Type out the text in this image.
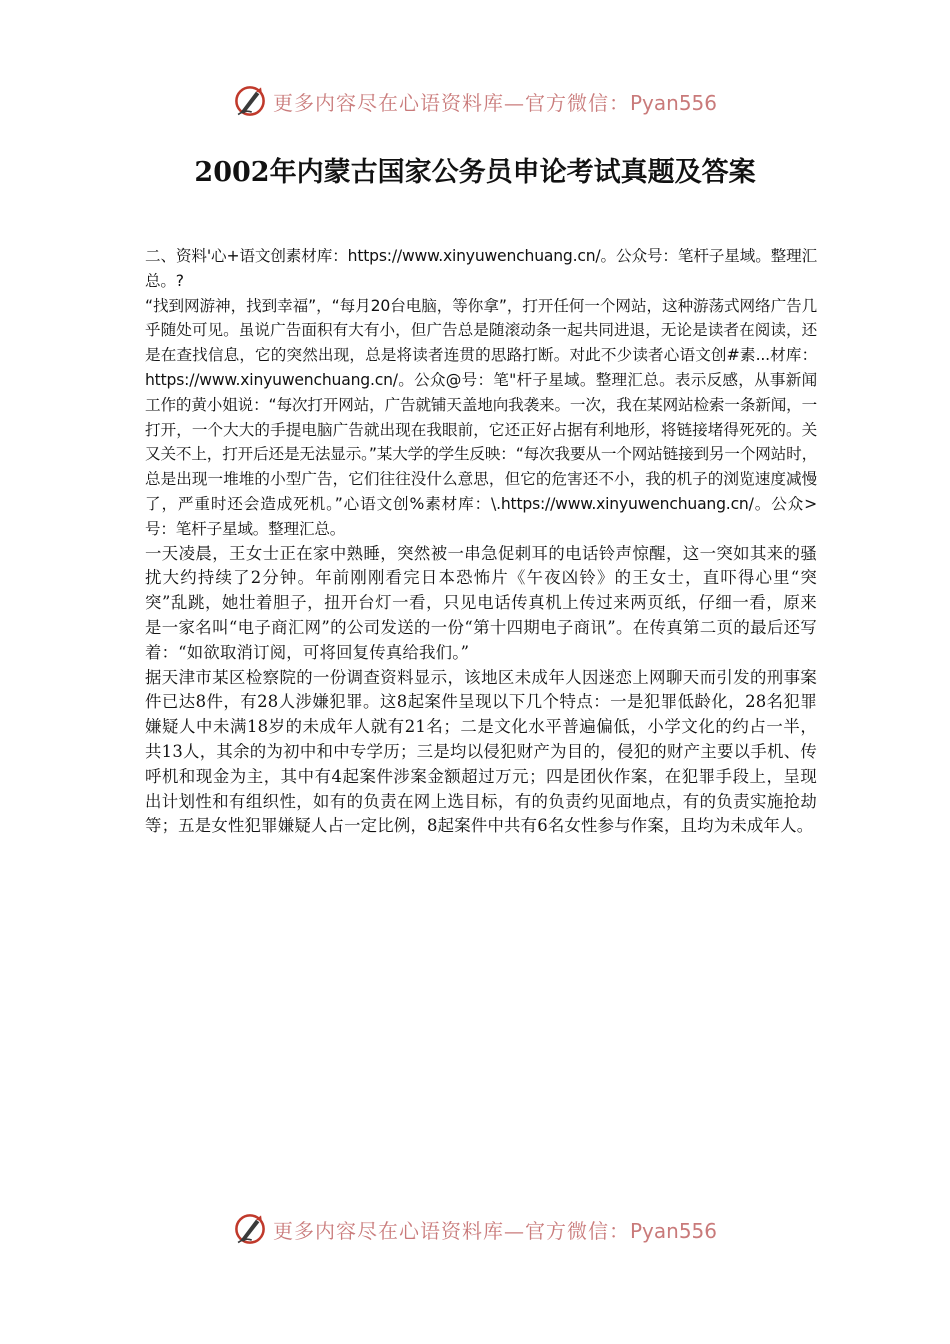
更多内容尽在心语资料库—官方微信：Pyan556
2002年内蒙古国家公务员申论考试真题及答案

二、资料'心+语文创素材库：https://www.xinyuwenchuang.cn/。公众号：笔杆子星域。整理汇总。?

“找到网游神，找到幸福”，“每月20台电脑，等你拿”，打开任何一个网站，这种游荡式网络广告几乎随处可见。虽说广告面积有大有小，但广告总是随滚动条一起共同进退，无论是读者在阅读，还是在查找信息，它的突然出现，总是将读者连贯的思路打断。对此不少读者心语文创#素...材库：https://www.xinyuwenchuang.cn/。公众@号：笔"杆子星域。整理汇总。表示反感，从事新闻工作的黄小姐说：“每次打开网站，广告就铺天盖地向我袭来。一次，我在某网站检索一条新闻，一打开，一个大大的手提电脑广告就出现在我眼前，它还正好占据有利地形，将链接堵得死死的。关又关不上，打开后还是无法显示。”某大学的学生反映：“每次我要从一个网站链接到另一个网站时，总是出现一堆堆的小型广告，它们往往没什么意思，但它的危害还不小，我的机子的浏览速度减慢了，严重时还会造成死机。”心语文创%素材库：\.https://www.xinyuwenchuang.cn/。公众>号：笔杆子星域。整理汇总。

一天凌晨，王女士正在家中熟睡，突然被一串急促刺耳的电话铃声惊醒，这一突如其来的骚扰大约持续了2分钟。年前刚刚看完日本恐怖片《午夜凶铃》的王女士，直吓得心里“突突”乱跳，她壮着胆子，扭开台灯一看，只见电话传真机上传过来两页纸，仔细一看，原来是一家名叫“电子商汇网”的公司发送的一份“第十四期电子商讯”。在传真第二页的最后还写着：“如欲取消订阅，可将回复传真给我们。”

据天津市某区检察院的一份调查资料显示，该地区未成年人因迷恋上网聊天而引发的刑事案件已达8件，有28人涉嫌犯罪。这8起案件呈现以下几个特点：一是犯罪低龄化，28名犯罪嫌疑人中未满18岁的未成年人就有21名；二是文化水平普遍偏低，小学文化的约占一半，共13人，其余的为初中和中专学历；三是均以侵犯财产为目的，侵犯的财产主要以手机、传呼机和现金为主，其中有4起案件涉案金额超过万元；四是团伙作案，在犯罪手段上，呈现出计划性和有组织性，如有的负责在网上选目标，有的负责约见面地点，有的负责实施抢劫等；五是女性犯罪嫌疑人占一定比例，8起案件中共有6名女性参与作案，且均为未成年人。

更多内容尽在心语资料库—官方微信：Pyan556
